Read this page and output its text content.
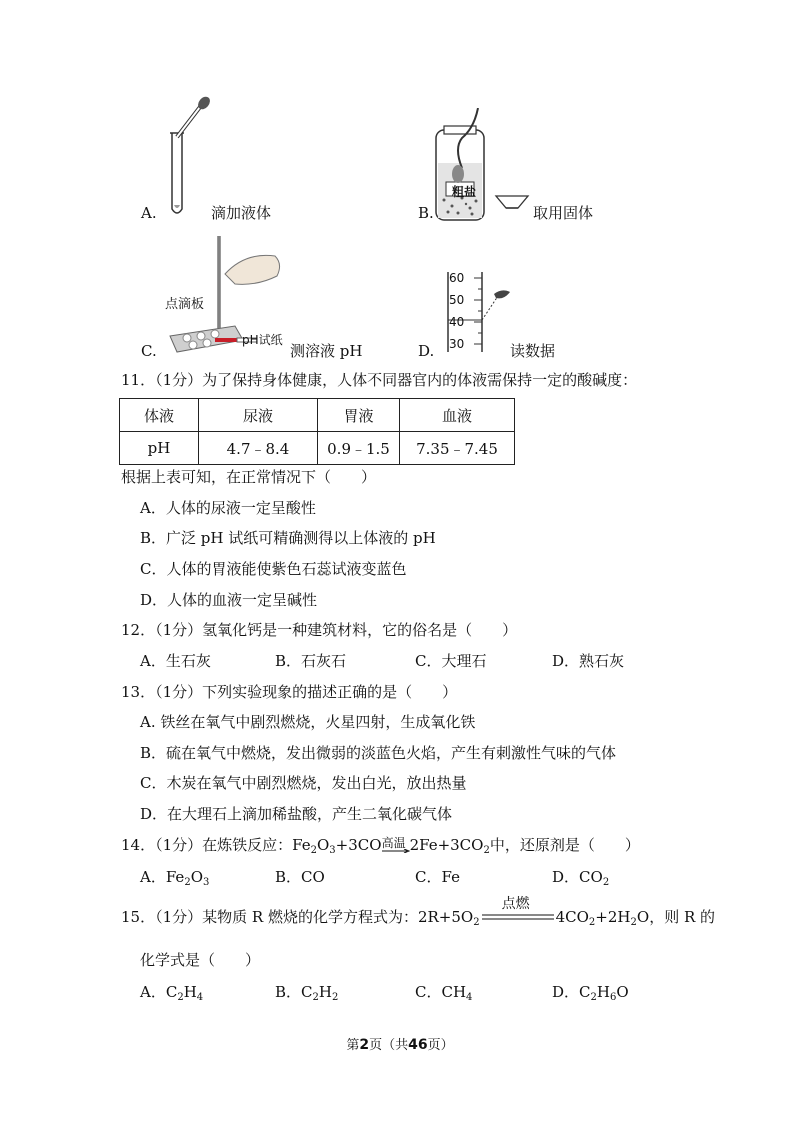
A.	滴加液体
粗盐
B.	取用固体
点滴板
pH试纸
C.	测溶液 pH
60
50
40
30
D.	读数据
11．（1分）为了保持身体健康，人体不同器官内的体液需保持一定的酸碱度：
体液	尿液	胃液	血液
pH	4.7﹣8.4	0.9﹣1.5	7.35﹣7.45
根据上表可知，在正常情况下（　　）
A．人体的尿液一定呈酸性
B．广泛 pH 试纸可精确测得以上体液的 pH
C．人体的胃液能使紫色石蕊试液变蓝色
D．人体的血液一定呈碱性
12．（1分）氢氧化钙是一种建筑材料，它的俗名是（　　）
A．生石灰	B．石灰石	C．大理石	D．熟石灰
13．（1分）下列实验现象的描述正确的是（　　）
A. 铁丝在氧气中剧烈燃烧，火星四射，生成氧化铁
B．硫在氧气中燃烧，发出微弱的淡蓝色火焰，产生有刺激性气味的气体
C．木炭在氧气中剧烈燃烧，发出白光，放出热量
D．在大理石上滴加稀盐酸，产生二氧化碳气体
14．（1分）在炼铁反应：$Fe_2O_3+3CO$ 高温 $2Fe+3CO_2$中，还原剂是（　　）
A．$Fe_2O_3$	B．CO	C．Fe	D．$CO_2$
15．（1分）某物质 R 燃烧的化学方程式为：$2R+5O_2$
点燃
$4CO_2+2H_2O$，则 R 的
化学式是（　　）
A．$C_2H_4$	B．$C_2H_2$	C．$CH_4$	D．$C_2H_6O$
第2页（共46页）
